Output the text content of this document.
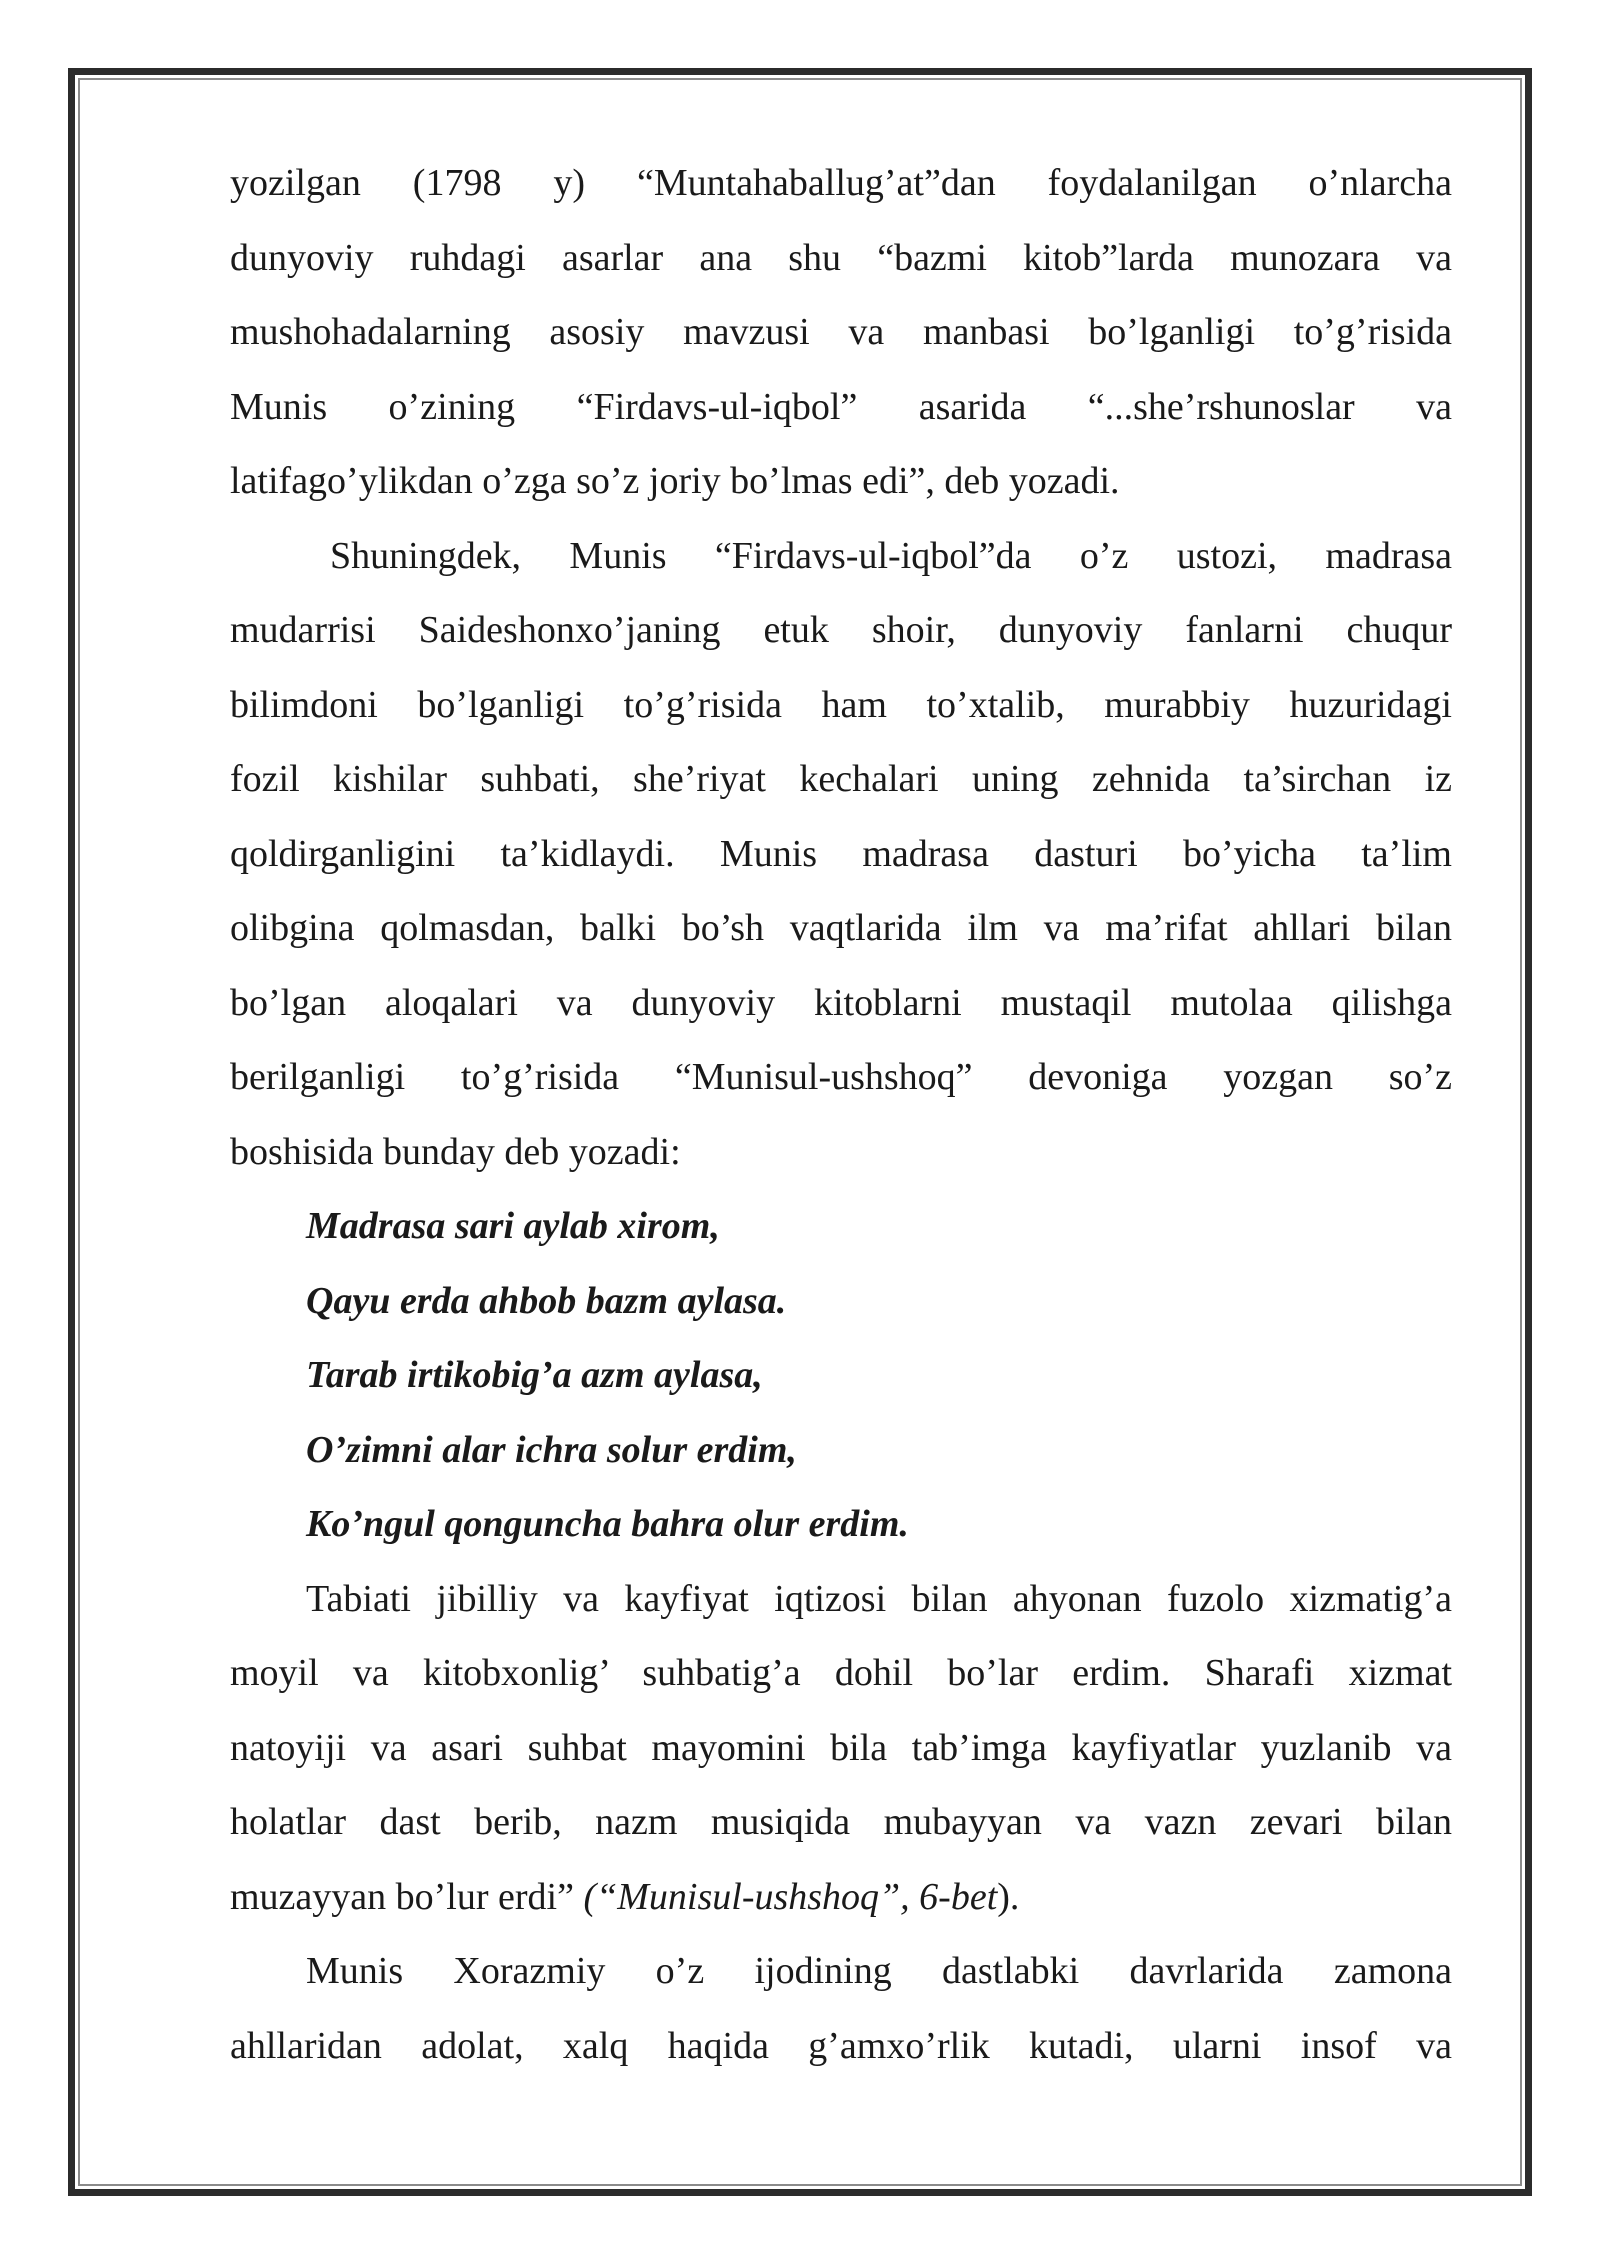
yozilgan (1798 y) “Muntahaballug’at”dan foydalanilgan o’nlarcha
dunyoviy ruhdagi asarlar ana shu “bazmi kitob”larda munozara va
mushohadalarning asosiy mavzusi va manbasi bo’lganligi to’g’risida
Munis o’zining “Firdavs-ul-iqbol” asarida “...she’rshunoslar va
latifago’ylikdan o’zga so’z joriy bo’lmas edi”, deb yozadi.

Shuningdek, Munis “Firdavs-ul-iqbol”da o’z ustozi, madrasa
mudarrisi Saideshonxo’janing etuk shoir, dunyoviy fanlarni chuqur
bilimdoni bo’lganligi to’g’risida ham to’xtalib, murabbiy huzuridagi
fozil kishilar suhbati, she’riyat kechalari uning zehnida ta’sirchan iz
qoldirganligini ta’kidlaydi. Munis madrasa dasturi bo’yicha ta’lim
olibgina qolmasdan, balki bo’sh vaqtlarida ilm va ma’rifat ahllari bilan
bo’lgan aloqalari va dunyoviy kitoblarni mustaqil mutolaa qilishga
berilganligi to’g’risida “Munisul-ushshoq” devoniga yozgan so’z
boshisida bunday deb yozadi:

Madrasa sari aylab xirom,

Qayu erda ahbob bazm aylasa.

Tarab irtikobig’a azm aylasa,

O’zimni alar ichra solur erdim,

Ko’ngul qonguncha bahra olur erdim.

Tabiati jibilliy va kayfiyat iqtizosi bilan ahyonan fuzolo xizmatig’a
moyil va kitobxonlig’ suhbatig’a dohil bo’lar erdim. Sharafi xizmat
natoyiji va asari suhbat mayomini bila tab’imga kayfiyatlar yuzlanib va
holatlar dast berib, nazm musiqida mubayyan va vazn zevari bilan
muzayyan bo’lur erdi” (“Munisul-ushshoq”, 6-bet).

Munis Xorazmiy o’z ijodining dastlabki davrlarida zamona
ahllaridan adolat, xalq haqida g’amxo’rlik kutadi, ularni insof va
